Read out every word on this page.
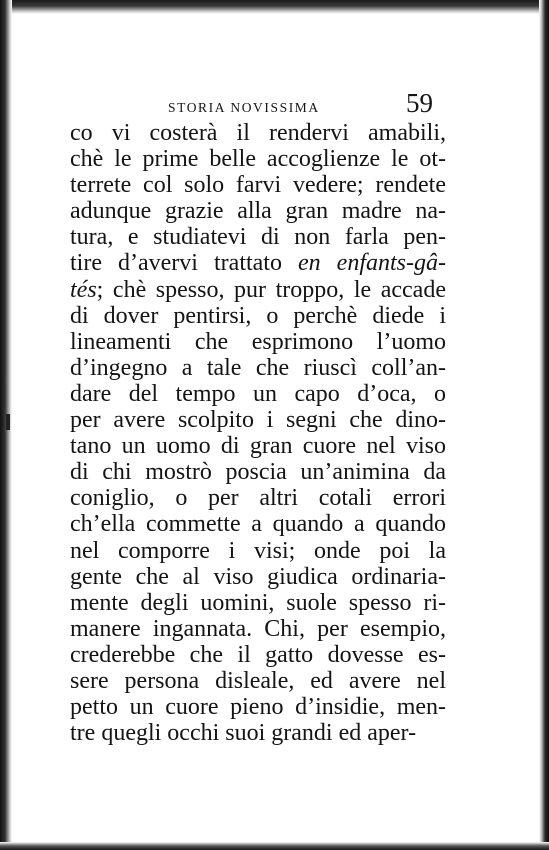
STORIA NOVISSIMA	59
co vi costerà il rendervi amabili,
chè le prime belle accoglienze le ot-
terrete col solo farvi vedere; rendete
adunque grazie alla gran madre na-
tura, e studiatevi di non farla pen-
tire d’avervi trattato en enfants-gâ-
tés; chè spesso, pur troppo, le accade
di dover pentirsi, o perchè diede i
lineamenti che esprimono l’uomo
d’ingegno a tale che riuscì coll’an-
dare del tempo un capo d’oca, o
per avere scolpito i segni che dino-
tano un uomo di gran cuore nel viso
di chi mostrò poscia un’animina da
coniglio, o per altri cotali errori
ch’ella commette a quando a quando
nel comporre i visi; onde poi la
gente che al viso giudica ordinaria-
mente degli uomini, suole spesso ri-
manere ingannata. Chi, per esempio,
crederebbe che il gatto dovesse es-
sere persona disleale, ed avere nel
petto un cuore pieno d’insidie, men-
tre quegli occhi suoi grandi ed aper-
